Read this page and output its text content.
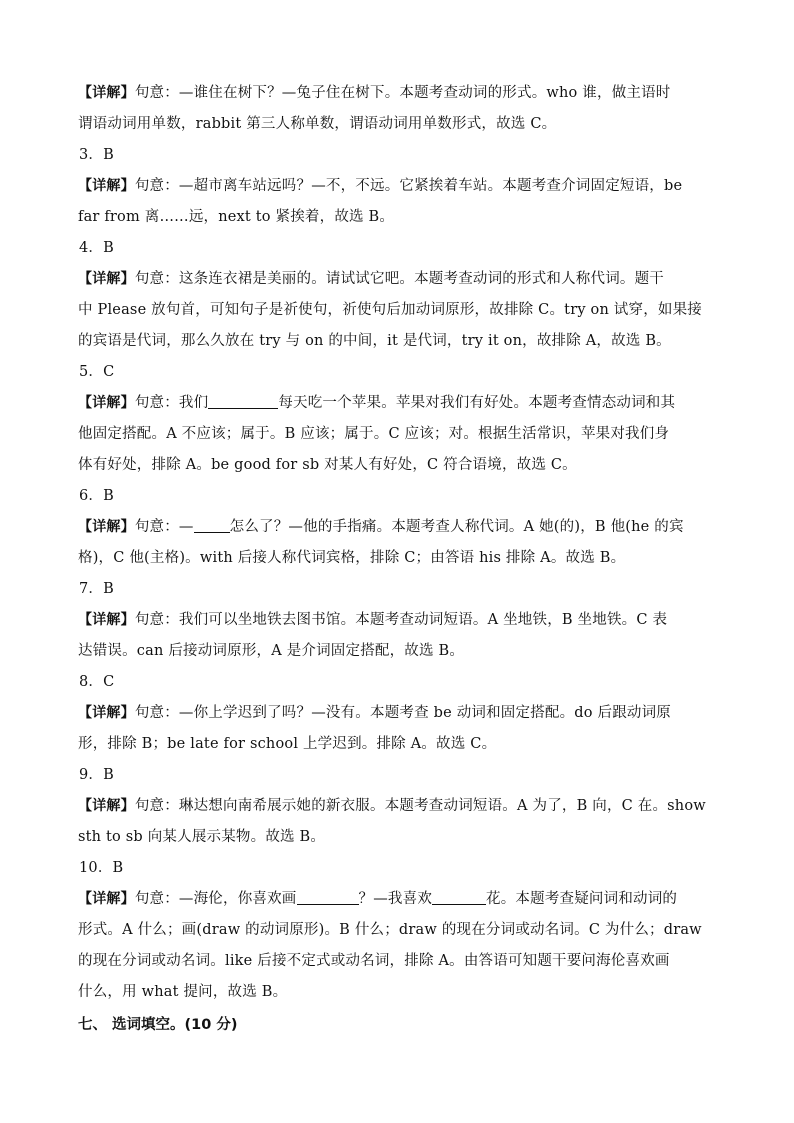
【详解】句意：—谁住在树下？—兔子住在树下。本题考查动词的形式。who 谁，做主语时
谓语动词用单数，rabbit 第三人称单数，谓语动词用单数形式，故选 C。
3．B
【详解】句意：—超市离车站远吗？—不，不远。它紧挨着车站。本题考查介词固定短语，be
far from 离……远，next to 紧挨着，故选 B。
4．B
【详解】句意：这条连衣裙是美丽的。请试试它吧。本题考查动词的形式和人称代词。题干
中 Please 放句首，可知句子是祈使句，祈使句后加动词原形，故排除 C。try on 试穿，如果接
的宾语是代词，那么久放在 try 与 on 的中间，it 是代词，try it on，故排除 A，故选 B。
5．C
【详解】句意：我们	每天吃一个苹果。苹果对我们有好处。本题考查情态动词和其
他固定搭配。A 不应该；属于。B 应该；属于。C 应该；对。根据生活常识，苹果对我们身
体有好处，排除 A。be good for sb 对某人有好处，C 符合语境，故选 C。
6．B
【详解】句意：— 怎么了？—他的手指痛。本题考查人称代词。A 她(的)，B 他(he 的宾
格)，C 他(主格)。with 后接人称代词宾格，排除 C；由答语 his 排除 A。故选 B。
7．B
【详解】句意：我们可以坐地铁去图书馆。本题考查动词短语。A 坐地铁，B 坐地铁。C 表
达错误。can 后接动词原形，A 是介词固定搭配，故选 B。
8．C
【详解】句意：—你上学迟到了吗？—没有。本题考查 be 动词和固定搭配。do 后跟动词原
形，排除 B；be late for school 上学迟到。排除 A。故选 C。
9．B
【详解】句意：琳达想向南希展示她的新衣服。本题考查动词短语。A 为了，B 向，C 在。show
sth to sb 向某人展示某物。故选 B。
10．B
【详解】句意：—海伦，你喜欢画	？—我喜欢	花。本题考查疑问词和动词的
形式。A 什么；画(draw 的动词原形)。B 什么；draw 的现在分词或动名词。C 为什么；draw
的现在分词或动名词。like 后接不定式或动名词，排除 A。由答语可知题干要问海伦喜欢画
什么，用 what 提问，故选 B。
七、 选词填空。(10 分)
